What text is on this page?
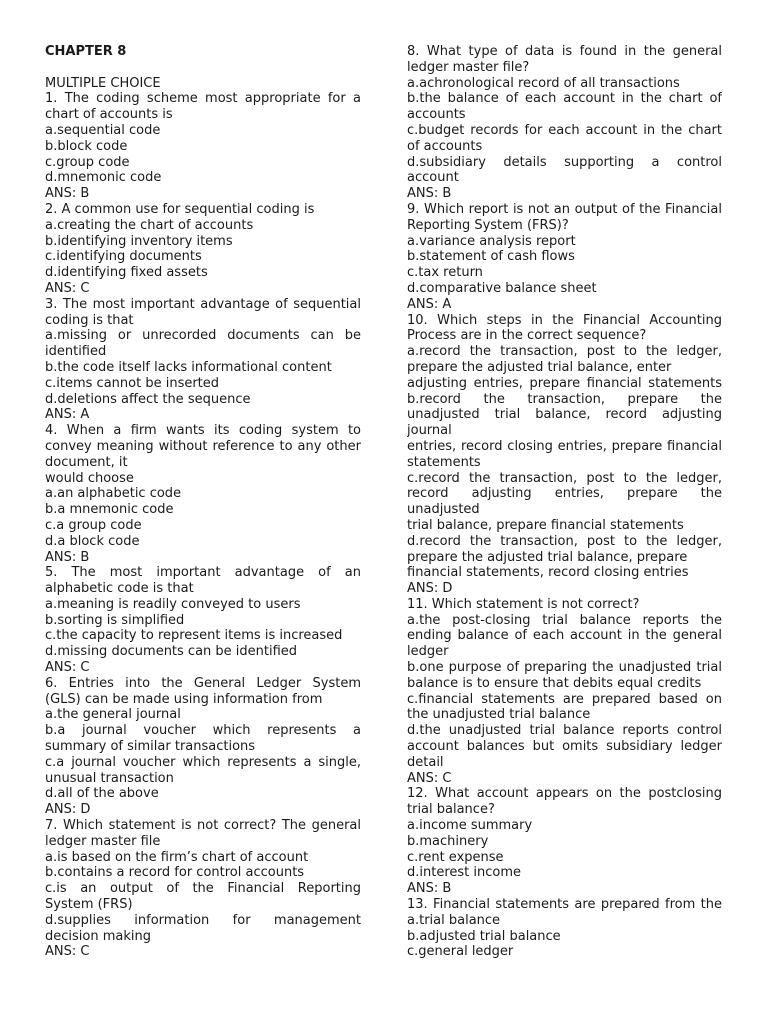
CHAPTER 8
MULTIPLE CHOICE
1. The coding scheme most appropriate for a
chart of accounts is
a.sequential code
b.block code
c.group code
d.mnemonic code
ANS: B
2. A common use for sequential coding is
a.creating the chart of accounts
b.identifying inventory items
c.identifying documents
d.identifying fixed assets
ANS: C
3. The most important advantage of sequential
coding is that
a.missing or unrecorded documents can be
identified
b.the code itself lacks informational content
c.items cannot be inserted
d.deletions affect the sequence
ANS: A
4. When a firm wants its coding system to
convey meaning without reference to any other
document, it
would choose
a.an alphabetic code
b.a mnemonic code
c.a group code
d.a block code
ANS: B
5. The most important advantage of an
alphabetic code is that
a.meaning is readily conveyed to users
b.sorting is simplified
c.the capacity to represent items is increased
d.missing documents can be identified
ANS: C
6. Entries into the General Ledger System
(GLS) can be made using information from
a.the general journal
b.a journal voucher which represents a
summary of similar transactions
c.a journal voucher which represents a single,
unusual transaction
d.all of the above
ANS: D
7. Which statement is not correct? The general
ledger master file
a.is based on the firm’s chart of account
b.contains a record for control accounts
c.is an output of the Financial Reporting
System (FRS)
d.supplies information for management
decision making
ANS: C
8. What type of data is found in the general
ledger master file?
a.achronological record of all transactions
b.the balance of each account in the chart of
accounts
c.budget records for each account in the chart
of accounts
d.subsidiary details supporting a control
account
ANS: B
9. Which report is not an output of the Financial
Reporting System (FRS)?
a.variance analysis report
b.statement of cash flows
c.tax return
d.comparative balance sheet
ANS: A
10. Which steps in the Financial Accounting
Process are in the correct sequence?
a.record the transaction, post to the ledger,
prepare the adjusted trial balance, enter
adjusting entries, prepare financial statements
b.record the transaction, prepare the
unadjusted trial balance, record adjusting
journal
entries, record closing entries, prepare financial
statements
c.record the transaction, post to the ledger,
record adjusting entries, prepare the
unadjusted
trial balance, prepare financial statements
d.record the transaction, post to the ledger,
prepare the adjusted trial balance, prepare
financial statements, record closing entries
ANS: D
11. Which statement is not correct?
a.the post-closing trial balance reports the
ending balance of each account in the general
ledger
b.one purpose of preparing the unadjusted trial
balance is to ensure that debits equal credits
c.financial statements are prepared based on
the unadjusted trial balance
d.the unadjusted trial balance reports control
account balances but omits subsidiary ledger
detail
ANS: C
12. What account appears on the postclosing
trial balance?
a.income summary
b.machinery
c.rent expense
d.interest income
ANS: B
13. Financial statements are prepared from the
a.trial balance
b.adjusted trial balance
c.general ledger
